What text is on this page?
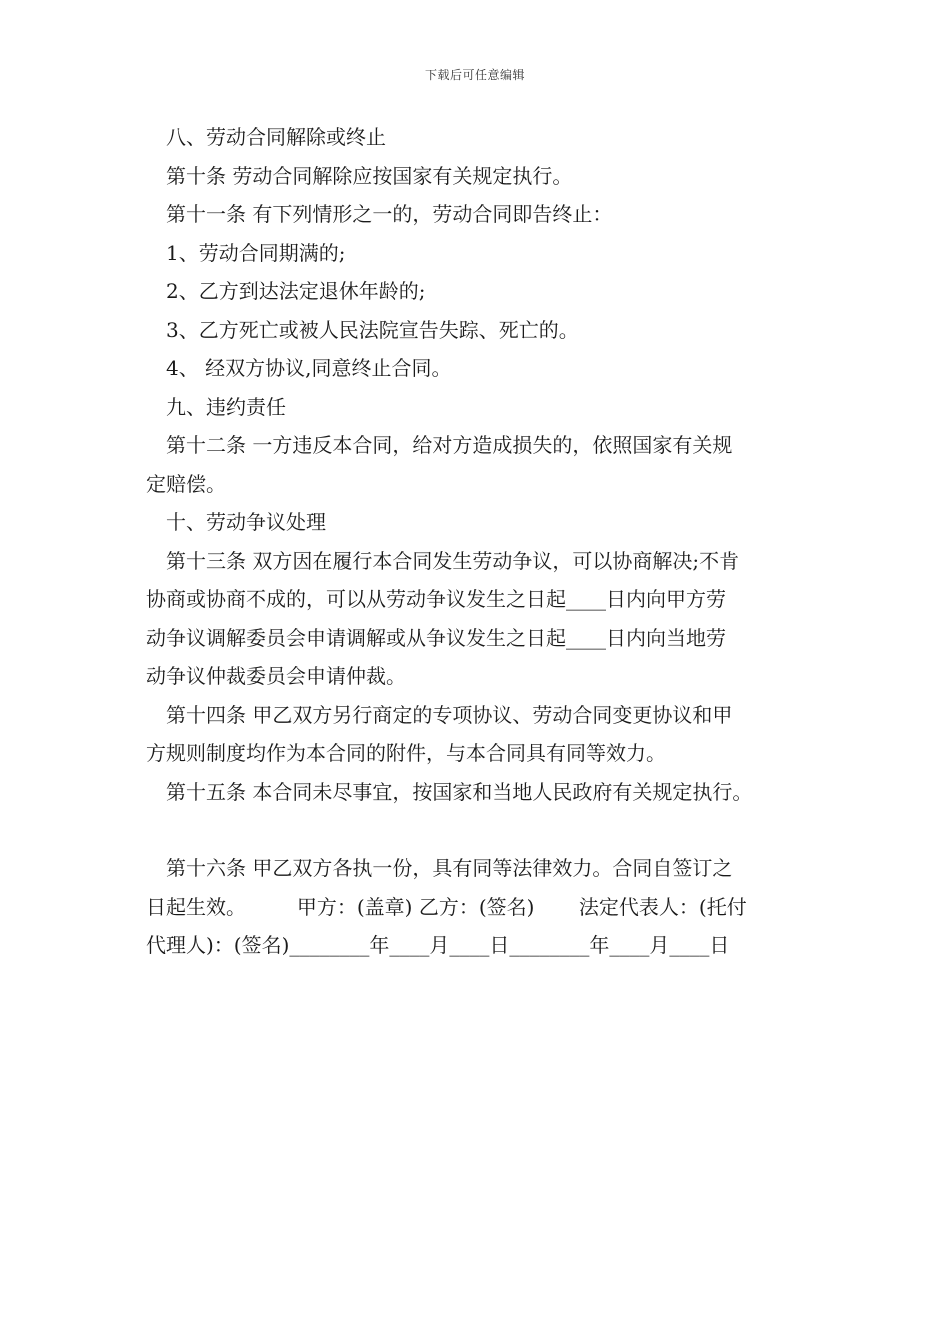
下载后可任意编辑
八、劳动合同解除或终止
第十条 劳动合同解除应按国家有关规定执行。
第十一条 有下列情形之一的，劳动合同即告终止：
1、劳动合同期满的;
2、乙方到达法定退休年龄的;
3、乙方死亡或被人民法院宣告失踪、死亡的。
4、 经双方协议,同意终止合同。
九、违约责任
第十二条 一方违反本合同，给对方造成损失的，依照国家有关规
定赔偿。
十、劳动争议处理
第十三条 双方因在履行本合同发生劳动争议，可以协商解决;不肯
协商或协商不成的，可以从劳动争议发生之日起____日内向甲方劳
动争议调解委员会申请调解或从争议发生之日起____日内向当地劳
动争议仲裁委员会申请仲裁。
第十四条 甲乙双方另行商定的专项协议、劳动合同变更协议和甲
方规则制度均作为本合同的附件，与本合同具有同等效力。
第十五条 本合同未尽事宜，按国家和当地人民政府有关规定执行。
第十六条 甲乙双方各执一份，具有同等法律效力。合同自签订之
日起生效。        甲方：(盖章) 乙方：(签名)       法定代表人：(托付
代理人)：(签名)________年____月____日________年____月____日
